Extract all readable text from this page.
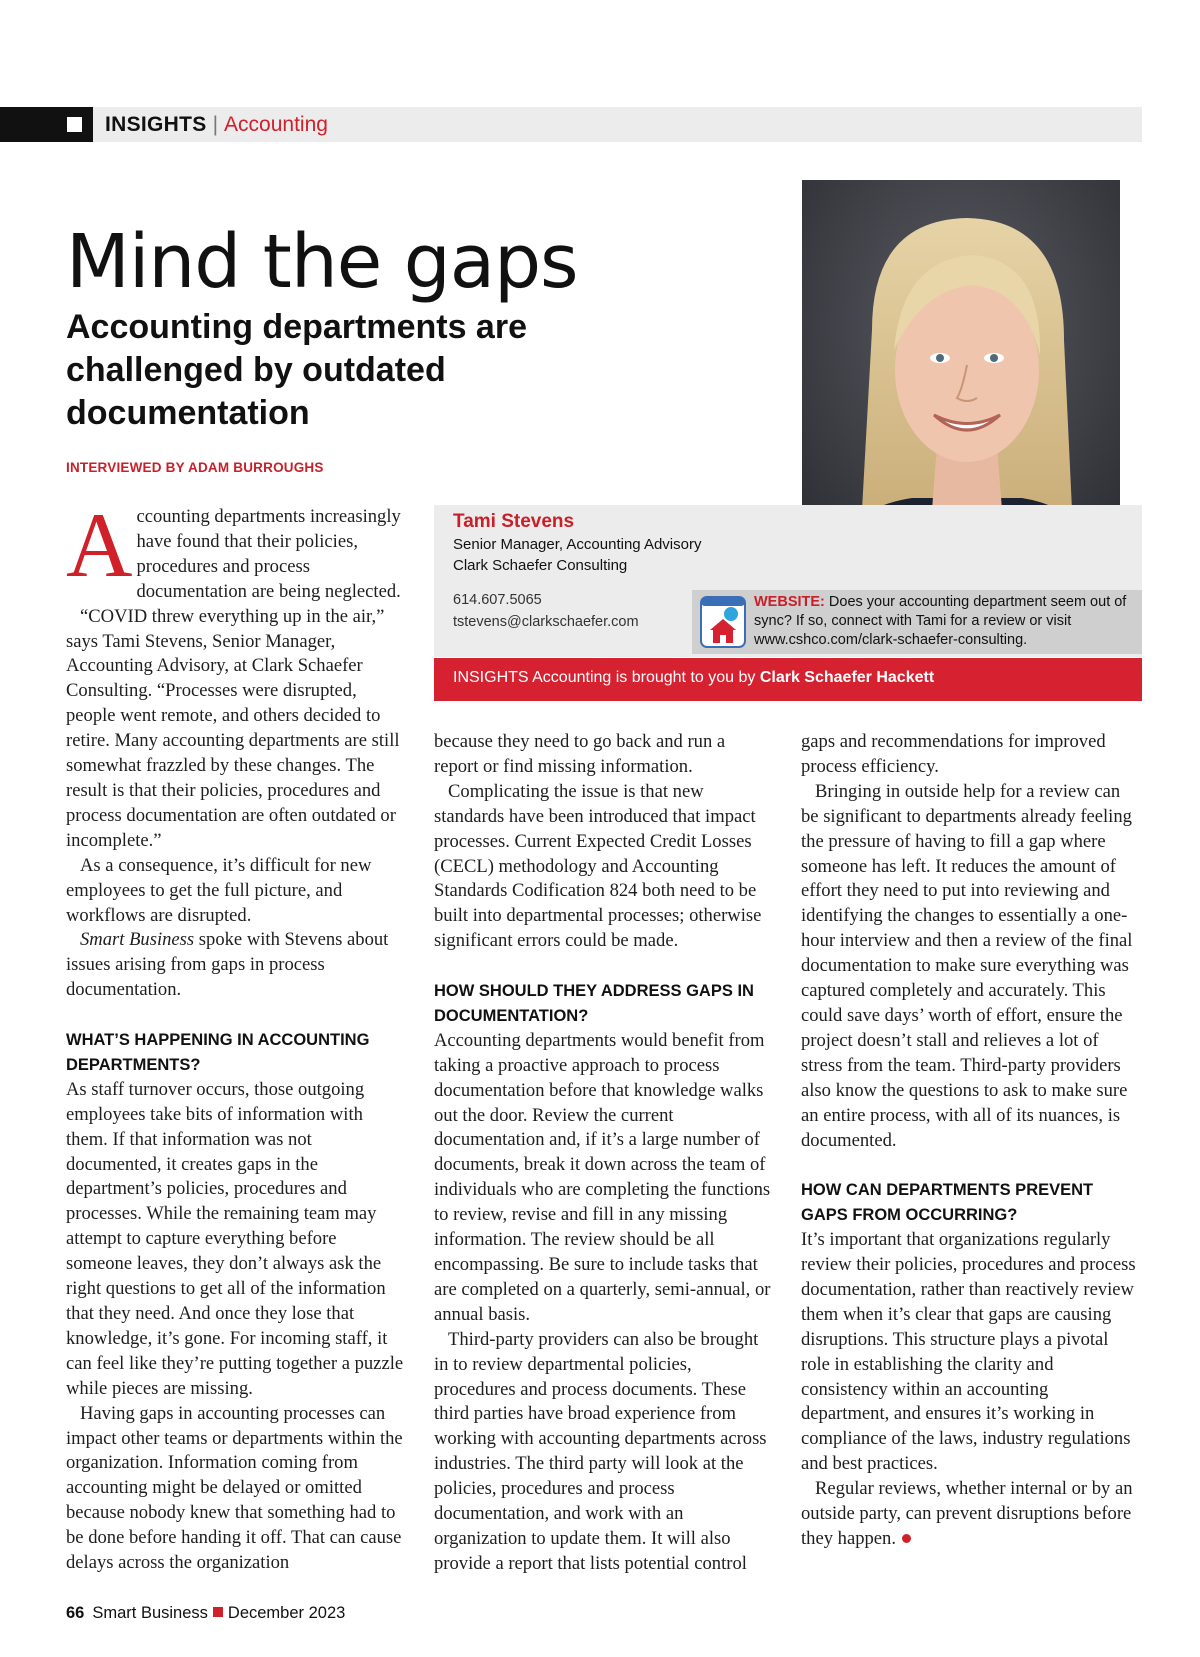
INSIGHTS | Accounting
Mind the gaps
Accounting departments are challenged by outdated documentation
INTERVIEWED BY ADAM BURROUGHS
Tami Stevens
Senior Manager, Accounting Advisory
Clark Schaefer Consulting
614.607.5065
tstevens@clarkschaefer.com
WEBSITE: Does your accounting department seem out of sync? If so, connect with Tami for a review or visit www.cshco.com/clark-schaefer-consulting.
INSIGHTS Accounting is brought to you by Clark Schaefer Hackett

Accounting departments increasingly have found that their policies, procedures and process documentation are being neglected.

“COVID threw everything up in the air,” says Tami Stevens, Senior Manager, Accounting Advisory, at Clark Schaefer Consulting. “Processes were disrupted, people went remote, and others decided to retire. Many accounting departments are still somewhat frazzled by these changes. The result is that their policies, procedures and process documentation are often outdated or incomplete.”

As a consequence, it’s difficult for new employees to get the full picture, and workflows are disrupted.

Smart Business spoke with Stevens about issues arising from gaps in process documentation.

WHAT’S HAPPENING IN ACCOUNTING DEPARTMENTS?

As staff turnover occurs, those outgoing employees take bits of information with them. If that information was not documented, it creates gaps in the department’s policies, procedures and processes. While the remaining team may attempt to capture everything before someone leaves, they don’t always ask the right questions to get all of the information that they need. And once they lose that knowledge, it’s gone. For incoming staff, it can feel like they’re putting together a puzzle while pieces are missing.

Having gaps in accounting processes can impact other teams or departments within the organization. Information coming from accounting might be delayed or omitted because nobody knew that something had to be done before handing it off. That can cause delays across the organization

because they need to go back and run a report or find missing information.

Complicating the issue is that new standards have been introduced that impact processes. Current Expected Credit Losses (CECL) methodology and Accounting Standards Codification 824 both need to be built into departmental processes; otherwise significant errors could be made.

HOW SHOULD THEY ADDRESS GAPS IN DOCUMENTATION?

Accounting departments would benefit from taking a proactive approach to process documentation before that knowledge walks out the door. Review the current documentation and, if it’s a large number of documents, break it down across the team of individuals who are completing the functions to review, revise and fill in any missing information. The review should be all encompassing. Be sure to include tasks that are completed on a quarterly, semi-annual, or annual basis.

Third-party providers can also be brought in to review departmental policies, procedures and process documents. These third parties have broad experience from working with accounting departments across industries. The third party will look at the policies, procedures and process documentation, and work with an organization to update them. It will also provide a report that lists potential control

gaps and recommendations for improved process efficiency.

Bringing in outside help for a review can be significant to departments already feeling the pressure of having to fill a gap where someone has left. It reduces the amount of effort they need to put into reviewing and identifying the changes to essentially a one-hour interview and then a review of the final documentation to make sure everything was captured completely and accurately. This could save days’ worth of effort, ensure the project doesn’t stall and relieves a lot of stress from the team. Third-party providers also know the questions to ask to make sure an entire process, with all of its nuances, is documented.

HOW CAN DEPARTMENTS PREVENT GAPS FROM OCCURRING?

It’s important that organizations regularly review their policies, procedures and process documentation, rather than reactively review them when it’s clear that gaps are causing disruptions. This structure plays a pivotal role in establishing the clarity and consistency within an accounting department, and ensures it’s working in compliance of the laws, industry regulations and best practices.

Regular reviews, whether internal or by an outside party, can prevent disruptions before they happen.

66 Smart Business December 2023
